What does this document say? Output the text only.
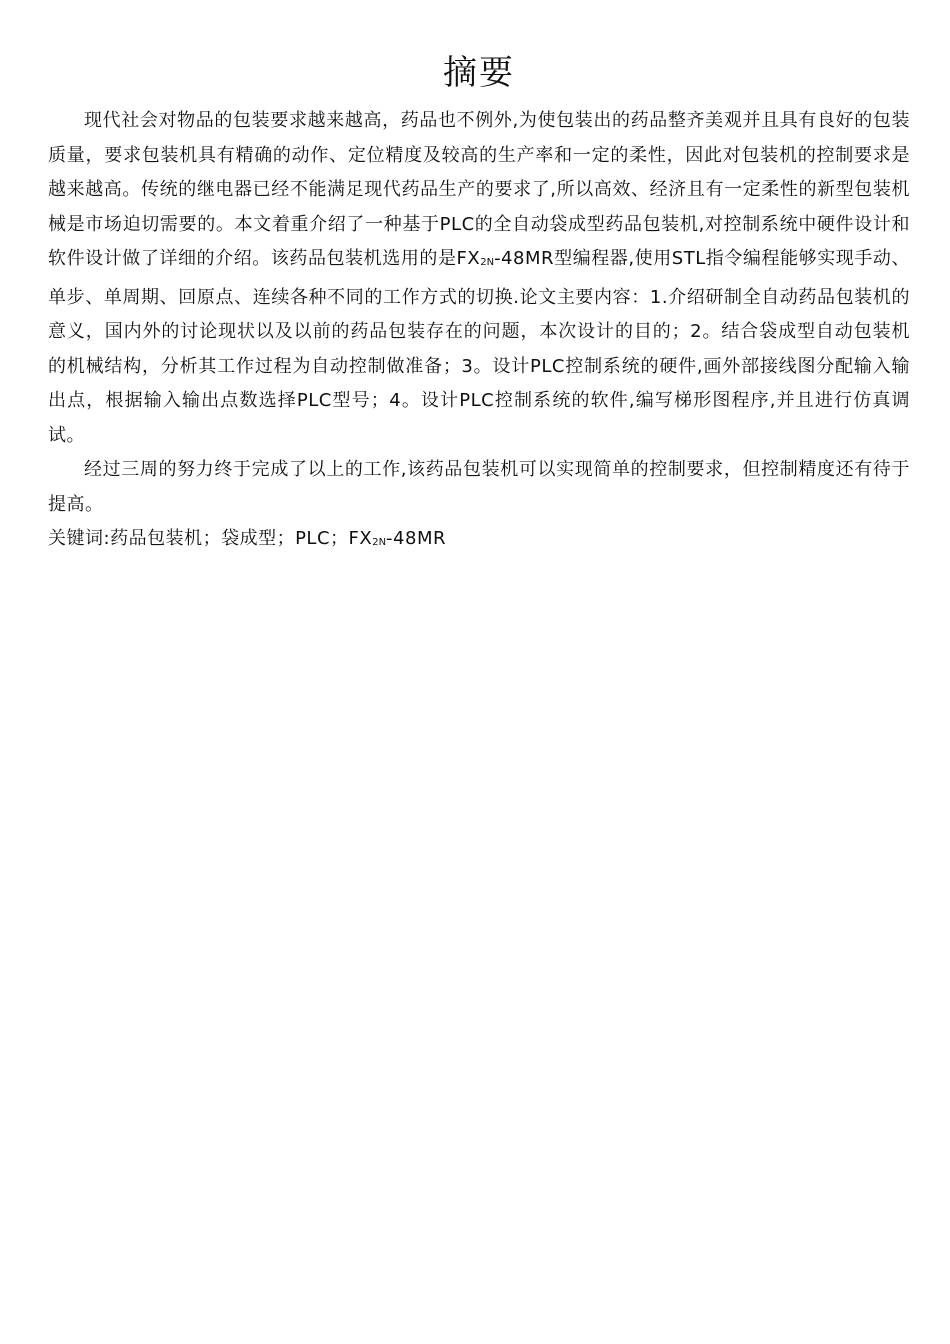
摘要

现代社会对物品的包装要求越来越高，药品也不例外,为使包装出的药品整齐美观并且具有良好的包装质量，要求包装机具有精确的动作、定位精度及较高的生产率和一定的柔性，因此对包装机的控制要求是越来越高。传统的继电器已经不能满足现代药品生产的要求了,所以高效、经济且有一定柔性的新型包装机械是市场迫切需要的。本文着重介绍了一种基于PLC的全自动袋成型药品包装机,对控制系统中硬件设计和软件设计做了详细的介绍。该药品包装机选用的是$FX_{2N}-48MR$型编程器,使用STL指令编程能够实现手动、单步、单周期、回原点、连续各种不同的工作方式的切换.论文主要内容：1.介绍研制全自动药品包装机的意义，国内外的讨论现状以及以前的药品包装存在的问题，本次设计的目的；2。结合袋成型自动包装机的机械结构，分析其工作过程为自动控制做准备；3。设计PLC控制系统的硬件,画外部接线图分配输入输出点，根据输入输出点数选择PLC型号；4。设计PLC控制系统的软件,编写梯形图程序,并且进行仿真调试。

经过三周的努力终于完成了以上的工作,该药品包装机可以实现简单的控制要求，但控制精度还有待于提高。

关键词:药品包装机；袋成型；PLC；$FX_{2N}-48MR$
